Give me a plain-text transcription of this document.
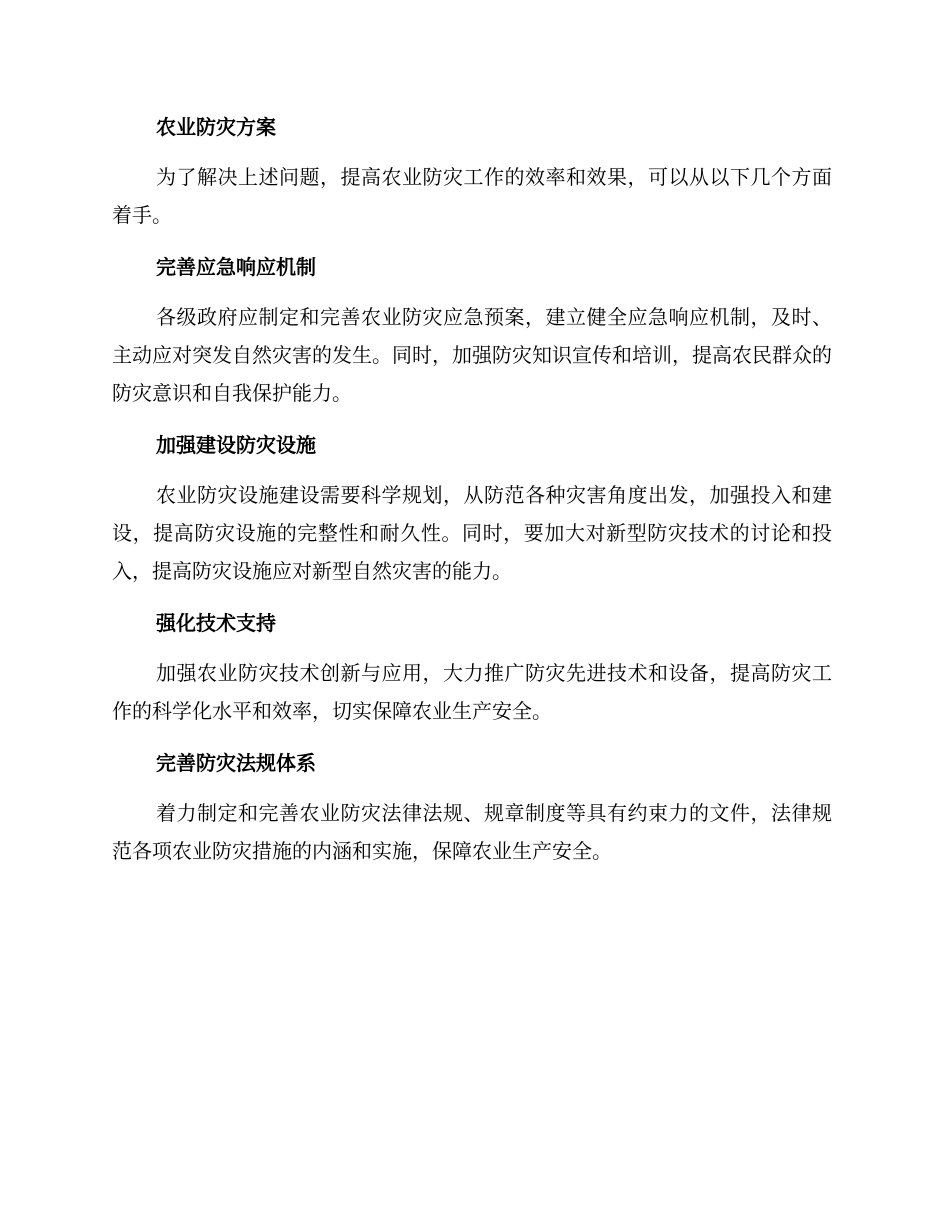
农业防灾方案

为了解决上述问题，提高农业防灾工作的效率和效果，可以从以下几个方面着手。

完善应急响应机制

各级政府应制定和完善农业防灾应急预案，建立健全应急响应机制，及时、主动应对突发自然灾害的发生。同时，加强防灾知识宣传和培训，提高农民群众的防灾意识和自我保护能力。

加强建设防灾设施

农业防灾设施建设需要科学规划，从防范各种灾害角度出发，加强投入和建设，提高防灾设施的完整性和耐久性。同时，要加大对新型防灾技术的讨论和投入，提高防灾设施应对新型自然灾害的能力。

强化技术支持

加强农业防灾技术创新与应用，大力推广防灾先进技术和设备，提高防灾工作的科学化水平和效率，切实保障农业生产安全。

完善防灾法规体系

着力制定和完善农业防灾法律法规、规章制度等具有约束力的文件，法律规范各项农业防灾措施的内涵和实施，保障农业生产安全。
